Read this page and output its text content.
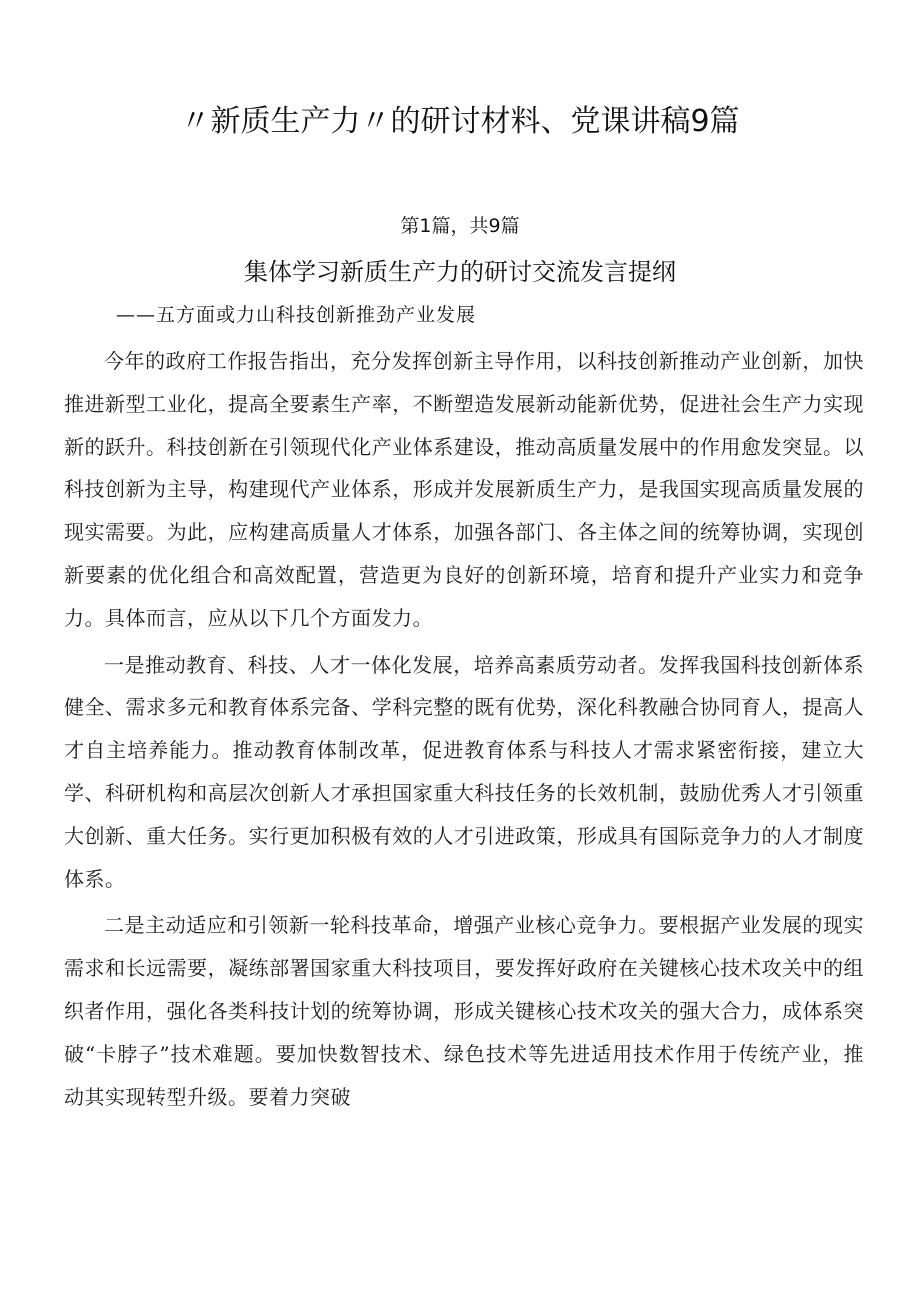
〃新质生产力〃的研讨材料、党课讲稿9篇
第1篇，共9篇
集体学习新质生产力的研讨交流发言提纲
——五方面或力山科技创新推劲产业发展

今年的政府工作报告指出，充分发挥创新主导作用，以科技创新推动产业创新，加快推进新型工业化，提高全要素生产率，不断塑造发展新动能新优势，促进社会生产力实现新的跃升。科技创新在引领现代化产业体系建设，推动高质量发展中的作用愈发突显。以科技创新为主导，构建现代产业体系，形成并发展新质生产力，是我国实现高质量发展的现实需要。为此，应构建高质量人才体系，加强各部门、各主体之间的统筹协调，实现创新要素的优化组合和高效配置，营造更为良好的创新环境，培育和提升产业实力和竞争力。具体而言，应从以下几个方面发力。

一是推动教育、科技、人才一体化发展，培养高素质劳动者。发挥我国科技创新体系健全、需求多元和教育体系完备、学科完整的既有优势，深化科教融合协同育人，提高人才自主培养能力。推动教育体制改革，促进教育体系与科技人才需求紧密衔接，建立大学、科研机构和高层次创新人才承担国家重大科技任务的长效机制，鼓励优秀人才引领重大创新、重大任务。实行更加积极有效的人才引进政策，形成具有国际竞争力的人才制度体系。

二是主动适应和引领新一轮科技革命，增强产业核心竞争力。要根据产业发展的现实需求和长远需要，凝练部署国家重大科技项目，要发挥好政府在关键核心技术攻关中的组织者作用，强化各类科技计划的统筹协调，形成关键核心技术攻关的强大合力，成体系突破“卡脖子”技术难题。要加快数智技术、绿色技术等先进适用技术作用于传统产业，推动其实现转型升级。要着力突破
